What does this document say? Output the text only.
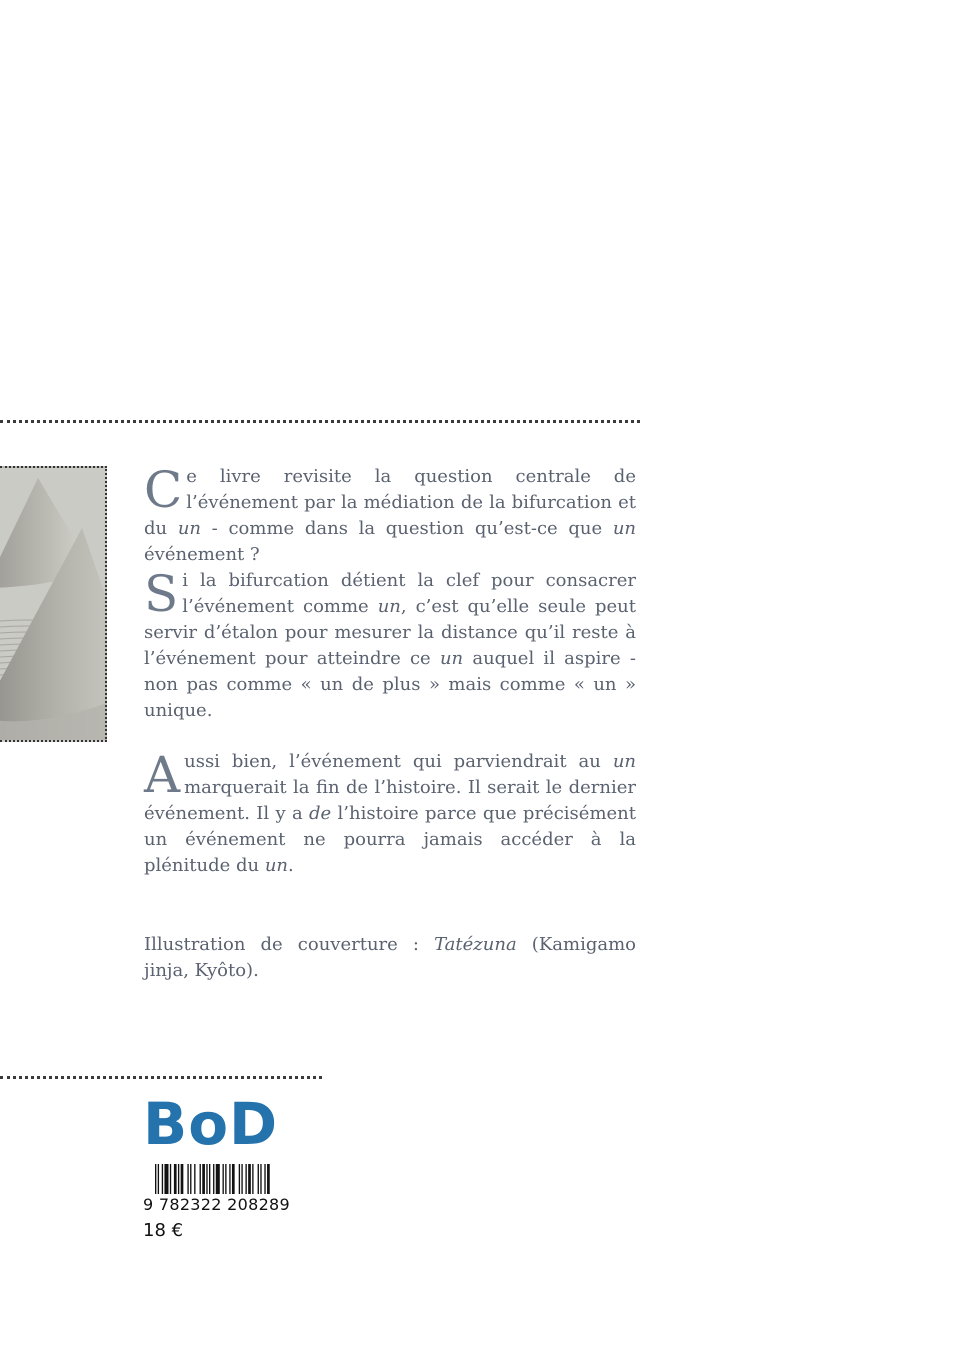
Ce livre revisite la question centrale de l’événement par la médiation de la bifurcation et du un - comme dans la question qu’est-ce que un événement ?

Si la bifurcation détient la clef pour consacrer l’événement comme un, c’est qu’elle seule peut servir d’étalon pour mesurer la distance qu’il reste à l’événement pour atteindre ce un auquel il aspire - non pas comme « un de plus » mais comme « un » unique.

Aussi bien, l’événement qui parviendrait au un marquerait la fin de l’histoire. Il serait le dernier événement. Il y a de l’histoire parce que précisément un événement ne pourra jamais accéder à la plénitude du un.

Illustration de couverture : Tatézuna (Kamigamo jinja, Kyôto).

BoD

9 782322 208289

18 €
